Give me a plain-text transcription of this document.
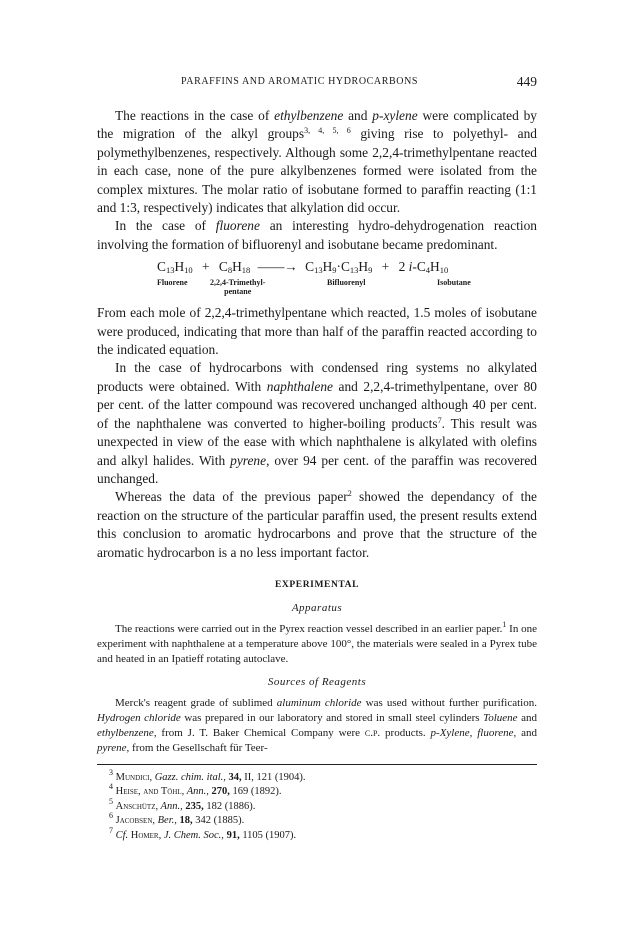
PARAFFINS AND AROMATIC HYDROCARBONS	449

The reactions in the case of ethylbenzene and p-xylene were complicated by the migration of the alkyl groups$^{3, 4, 5, 6}$ giving rise to polyethyl- and polymethylbenzenes, respectively. Although some 2,2,4-trimethylpentane reacted in each case, none of the pure alkylbenzenes formed were isolated from the complex mixtures. The molar ratio of isobutane formed to paraffin reacting (1:1 and 1:3, respectively) indicates that alkylation did occur.

In the case of fluorene an interesting hydro-dehydrogenation reaction involving the formation of bifluorenyl and isobutane became predominant.

$C_{13}H_{10} + C_8H_{18}$ ——→ $C_{13}H_9\cdot C_{13}H_9 + 2$ $i-C_4H_{10}$
Fluorene	2,2,4-Trimethyl-
pentane
Bifluorenyl	Isobutane

From each mole of 2,2,4-trimethylpentane which reacted, 1.5 moles of isobutane were produced, indicating that more than half of the paraffin reacted according to the indicated equation.

In the case of hydrocarbons with condensed ring systems no alkylated products were obtained. With naphthalene and 2,2,4-trimethylpentane, over 80 per cent. of the latter compound was recovered unchanged although 40 per cent. of the naphthalene was converted to higher-boiling products$^7$. This result was unexpected in view of the ease with which naphthalene is alkylated with olefins and alkyl halides. With pyrene, over 94 per cent. of the paraffin was recovered unchanged.

Whereas the data of the previous paper$^2$ showed the dependancy of the reaction on the structure of the particular paraffin used, the present results extend this conclusion to aromatic hydrocarbons and prove that the structure of the aromatic hydrocarbon is a no less important factor.

EXPERIMENTAL
Apparatus

The reactions were carried out in the Pyrex reaction vessel described in an earlier paper.$^1$ In one experiment with naphthalene at a temperature above 100°, the materials were sealed in a Pyrex tube and heated in an Ipatieff rotating autoclave.

Sources of Reagents

Merck's reagent grade of sublimed aluminum chloride was used without further purification. Hydrogen chloride was prepared in our laboratory and stored in small steel cylinders Toluene and ethylbenzene, from J. T. Baker Chemical Company were c.p. products. p-Xylene, fluorene, and pyrene, from the Gesellschaft für Teer-

$^3$ Mundici, Gazz. chim. ital., 34, II, 121 (1904).
$^4$ Heise, and Töhl, Ann., 270, 169 (1892).
$^5$ Anschütz, Ann., 235, 182 (1886).
$^6$ Jacobsen, Ber., 18, 342 (1885).
$^7$ Cf. Homer, J. Chem. Soc., 91, 1105 (1907).
